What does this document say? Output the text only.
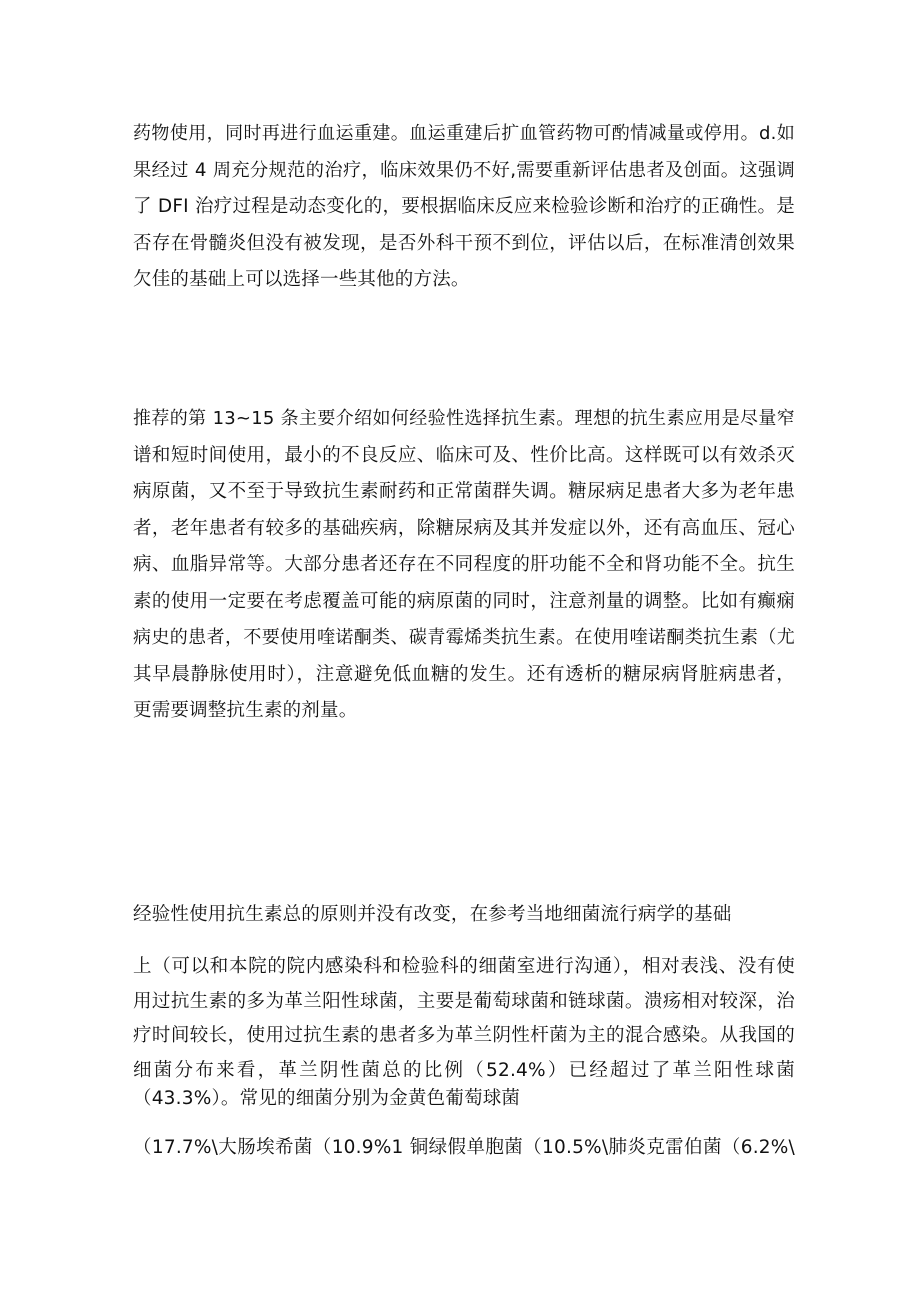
药物使用，同时再进行血运重建。血运重建后扩血管药物可酌情减量或停用。d.如
果经过 4 周充分规范的治疗，临床效果仍不好,需要重新评估患者及创面。这强调
了 DFI 治疗过程是动态变化的，要根据临床反应来检验诊断和治疗的正确性。是
否存在骨髓炎但没有被发现，是否外科干预不到位，评估以后，在标准清创效果
欠佳的基础上可以选择一些其他的方法。
推荐的第 13~15 条主要介绍如何经验性选择抗生素。理想的抗生素应用是尽量窄
谱和短时间使用，最小的不良反应、临床可及、性价比高。这样既可以有效杀灭
病原菌，又不至于导致抗生素耐药和正常菌群失调。糖尿病足患者大多为老年患
者，老年患者有较多的基础疾病，除糖尿病及其并发症以外，还有高血压、冠心
病、血脂异常等。大部分患者还存在不同程度的肝功能不全和肾功能不全。抗生
素的使用一定要在考虑覆盖可能的病原菌的同时，注意剂量的调整。比如有癫痫
病史的患者，不要使用喹诺酮类、碳青霉烯类抗生素。在使用喹诺酮类抗生素（尤
其早晨静脉使用时），注意避免低血糖的发生。还有透析的糖尿病肾脏病患者，
更需要调整抗生素的剂量。
经验性使用抗生素总的原则并没有改变，在参考当地细菌流行病学的基础
上（可以和本院的院内感染科和检验科的细菌室进行沟通），相对表浅、没有使
用过抗生素的多为革兰阳性球菌，主要是葡萄球菌和链球菌。溃疡相对较深，治
疗时间较长，使用过抗生素的患者多为革兰阴性杆菌为主的混合感染。从我国的
细菌分布来看，革兰阴性菌总的比例（52.4%）已经超过了革兰阳性球菌
（43.3%）。常见的细菌分别为金黄色葡萄球菌
（17.7%\大肠埃希菌（10.9%1 铜绿假单胞菌（10.5%\肺炎克雷伯菌（6.2%\
